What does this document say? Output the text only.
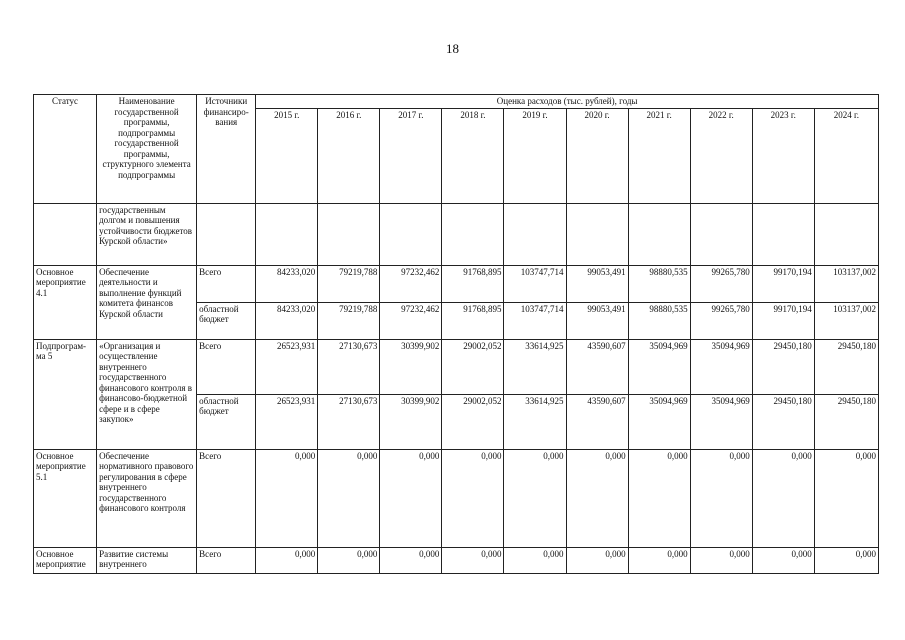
18
Статус	Наименование государственной программы, подпрограммы государственной программы, структурного элемента подпрограммы	Источники финансиро-вания	Оценка расходов (тыс. рублей), годы									
			2015 г.	2016 г.	2017 г.	2018 г.	2019 г.	2020 г.	2021 г.	2022 г.	2023 г.	2024 г.
	государственным долгом и повышения устойчивости бюджетов Курской области»											
Основное мероприятие 4.1	Обеспечение деятельности и выполнение функций комитета финансов Курской области	Всего	84233,020	79219,788	97232,462	91768,895	103747,714	99053,491	98880,535	99265,780	99170,194	103137,002
		областной бюджет	84233,020	79219,788	97232,462	91768,895	103747,714	99053,491	98880,535	99265,780	99170,194	103137,002
Подпрограм-ма 5	«Организация и осуществление внутреннего государственного финансового контроля в финансово-бюджетной сфере и в сфере закупок»	Всего	26523,931	27130,673	30399,902	29002,052	33614,925	43590,607	35094,969	35094,969	29450,180	29450,180
		областной бюджет	26523,931	27130,673	30399,902	29002,052	33614,925	43590,607	35094,969	35094,969	29450,180	29450,180
Основное мероприятие 5.1	Обеспечение нормативного правового регулирования в сфере внутреннего государственного финансового контроля	Всего	0,000	0,000	0,000	0,000	0,000	0,000	0,000	0,000	0,000	0,000
Основное мероприятие	Развитие системы внутреннего	Всего	0,000	0,000	0,000	0,000	0,000	0,000	0,000	0,000	0,000	0,000
